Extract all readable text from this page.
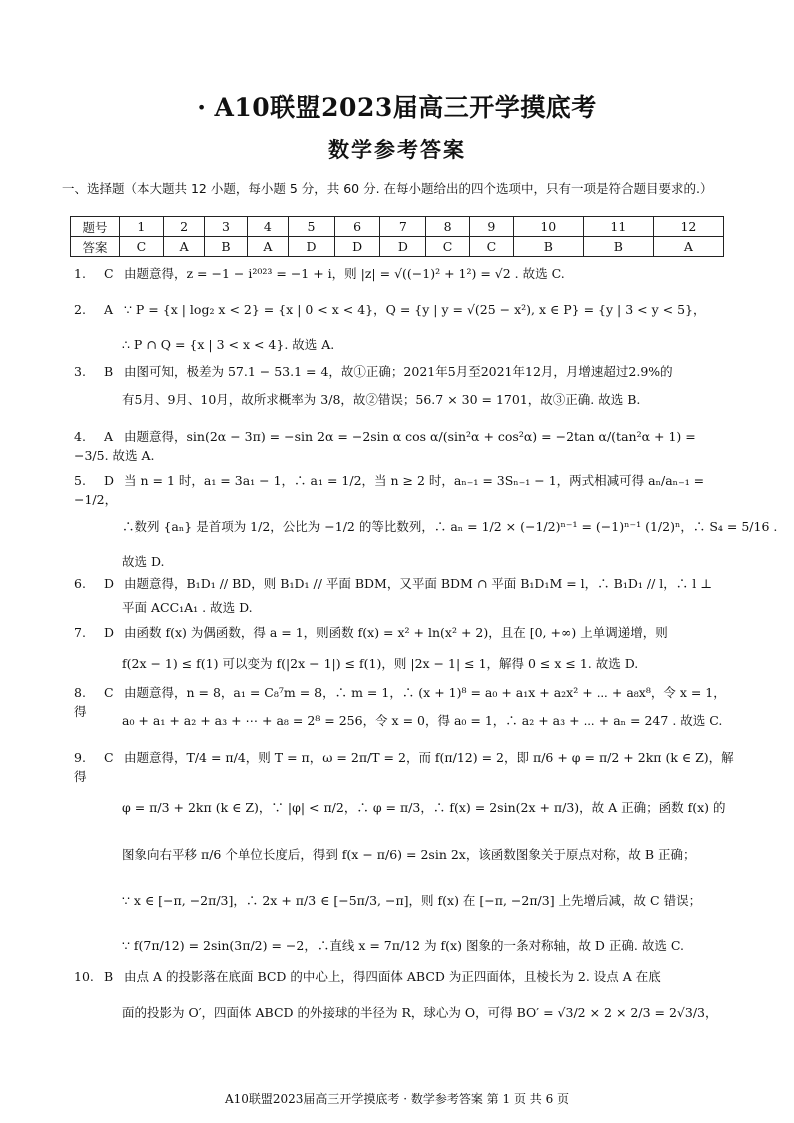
· A10联盟2023届高三开学摸底考
数学参考答案
一、选择题（本大题共 12 小题，每小题 5 分，共 60 分. 在每小题给出的四个选项中，只有一项是符合题目要求的.）
题号	1	2	3	4	5	6	7	8	9	10	11	12
答案	C	A	B	A	D	D	D	C	C	B	B	A
1. C 由题意得，z = −1 − i²⁰²³ = −1 + i，则 |z| = √((−1)² + 1²) = √2 . 故选 C.
2. A ∵ P = {x | log₂ x < 2} = {x | 0 < x < 4}，Q = {y | y = √(25 − x²), x ∈ P} = {y | 3 < y < 5}，
∴ P ∩ Q = {x | 3 < x < 4}. 故选 A.
3. B 由图可知，极差为 57.1 − 53.1 = 4，故①正确；2021年5月至2021年12月，月增速超过2.9%的
有5月、9月、10月，故所求概率为 3/8，故②错误；56.7 × 30 = 1701，故③正确. 故选 B.
4. A 由题意得，sin(2α − 3π) = −sin 2α = −2sin α cos α/(sin²α + cos²α) = −2tan α/(tan²α + 1) = −3/5. 故选 A.
5. D 当 n = 1 时，a₁ = 3a₁ − 1，∴ a₁ = 1/2，当 n ≥ 2 时，aₙ₋₁ = 3Sₙ₋₁ − 1，两式相减可得 aₙ/aₙ₋₁ = −1/2，
∴数列 {aₙ} 是首项为 1/2，公比为 −1/2 的等比数列，∴ aₙ = 1/2 × (−1/2)ⁿ⁻¹ = (−1)ⁿ⁻¹ (1/2)ⁿ，∴ S₄ = 5/16 .
故选 D.
6. D 由题意得，B₁D₁ // BD，则 B₁D₁ // 平面 BDM，又平面 BDM ∩ 平面 B₁D₁M = l，∴ B₁D₁ // l，∴ l ⊥
平面 ACC₁A₁ . 故选 D.
7. D 由函数 f(x) 为偶函数，得 a = 1，则函数 f(x) = x² + ln(x² + 2)，且在 [0, +∞) 上单调递增，则
f(2x − 1) ≤ f(1) 可以变为 f(|2x − 1|) ≤ f(1)，则 |2x − 1| ≤ 1，解得 0 ≤ x ≤ 1. 故选 D.
8. C 由题意得，n = 8，a₁ = C₈⁷m = 8，∴ m = 1，∴ (x + 1)⁸ = a₀ + a₁x + a₂x² + ⋯ + a₈x⁸，令 x = 1，得
a₀ + a₁ + a₂ + a₃ + ⋯ + a₈ = 2⁸ = 256，令 x = 0，得 a₀ = 1，∴ a₂ + a₃ + ⋯ + aₙ = 247 . 故选 C.
9. C 由题意得，T/4 = π/4，则 T = π，ω = 2π/T = 2，而 f(π/12) = 2，即 π/6 + φ = π/2 + 2kπ (k ∈ Z)，解得
φ = π/3 + 2kπ (k ∈ Z)，∵ |φ| < π/2，∴ φ = π/3，∴ f(x) = 2sin(2x + π/3)，故 A 正确；函数 f(x) 的
图象向右平移 π/6 个单位长度后，得到 f(x − π/6) = 2sin 2x，该函数图象关于原点对称，故 B 正确；
∵ x ∈ [−π, −2π/3]，∴ 2x + π/3 ∈ [−5π/3, −π]，则 f(x) 在 [−π, −2π/3] 上先增后减，故 C 错误；
∵ f(7π/12) = 2sin(3π/2) = −2，∴直线 x = 7π/12 为 f(x) 图象的一条对称轴，故 D 正确. 故选 C.
10. B 由点 A 的投影落在底面 BCD 的中心上，得四面体 ABCD 为正四面体，且棱长为 2. 设点 A 在底
面的投影为 O′，四面体 ABCD 的外接球的半径为 R，球心为 O，可得 BO′ = √3/2 × 2 × 2/3 = 2√3/3，
A10联盟2023届高三开学摸底考 · 数学参考答案 第 1 页 共 6 页
